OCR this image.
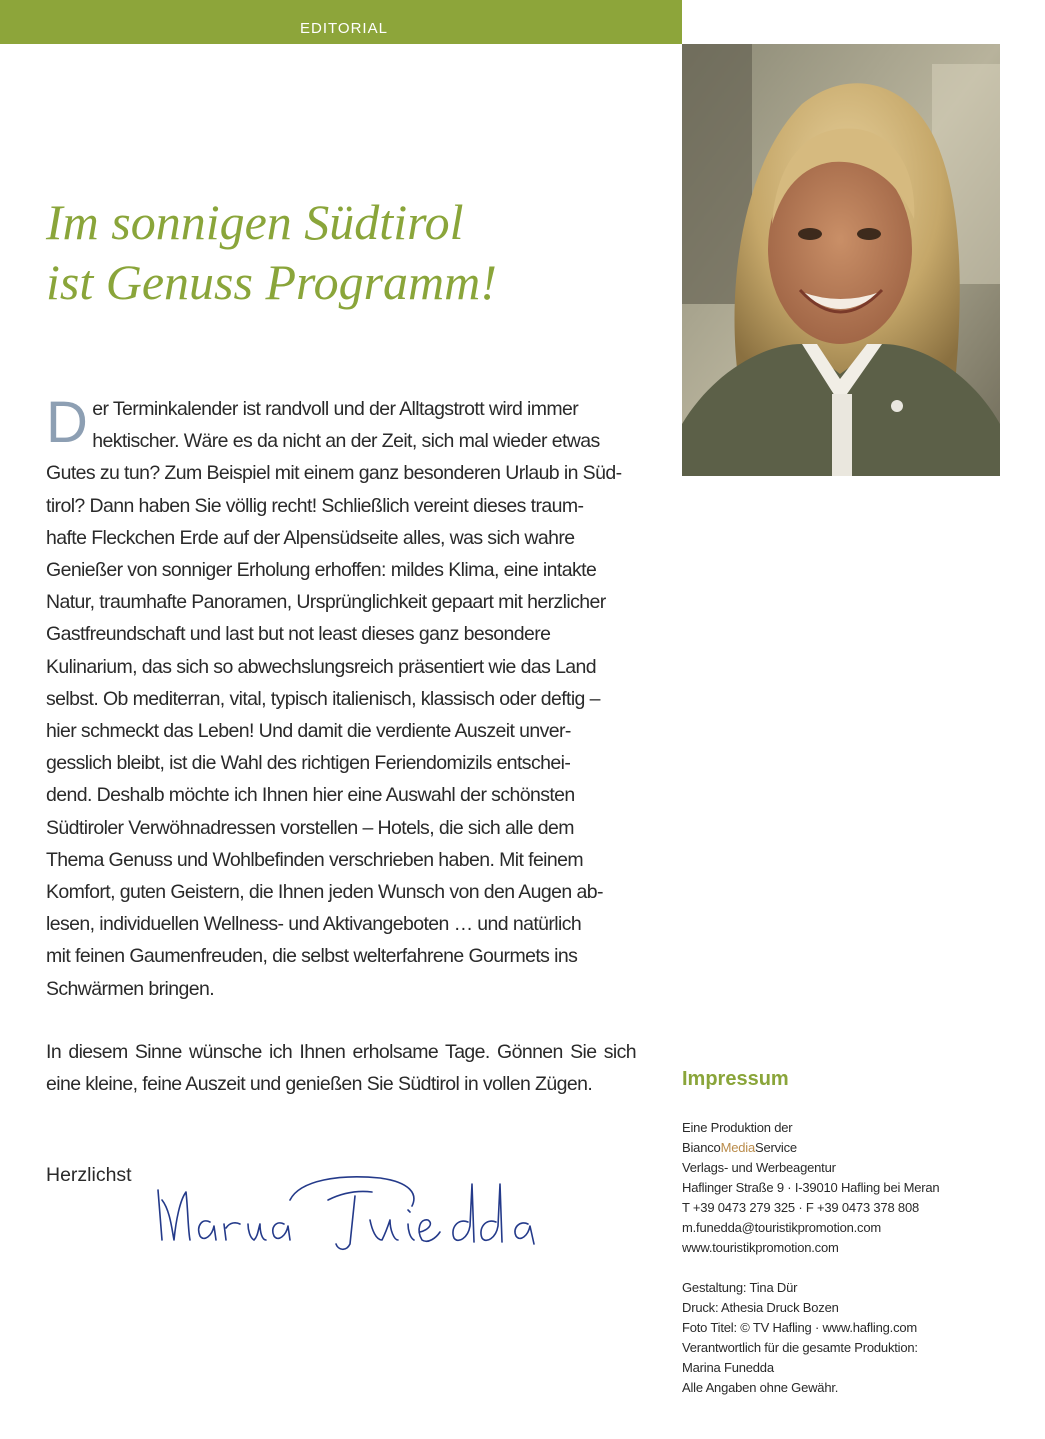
EDITORIAL
Im sonnigen Südtirol
ist Genuss Programm!
D er Terminkalender ist randvoll und der Alltagstrott wird immer

hektischer. Wäre es da nicht an der Zeit, sich mal wieder etwas

Gutes zu tun? Zum Beispiel mit einem ganz besonderen Urlaub in Süd-

tirol? Dann haben Sie völlig recht! Schließlich vereint dieses traum-

hafte Fleckchen Erde auf der Alpensüdseite alles, was sich wahre

Genießer von sonniger Erholung erhoffen: mildes Klima, eine intakte

Natur, traumhafte Panoramen, Ursprünglichkeit gepaart mit herzlicher

Gastfreundschaft und last but not least dieses ganz besondere

Kulinarium, das sich so abwechslungsreich präsentiert wie das Land

selbst. Ob mediterran, vital, typisch italienisch, klassisch oder deftig –

hier schmeckt das Leben! Und damit die verdiente Auszeit unver-

gesslich bleibt, ist die Wahl des richtigen Feriendomizils entschei-

dend. Deshalb möchte ich Ihnen hier eine Auswahl der schönsten

Südtiroler Verwöhnadressen vorstellen – Hotels, die sich alle dem

Thema Genuss und Wohlbefinden verschrieben haben. Mit feinem

Komfort, guten Geistern, die Ihnen jeden Wunsch von den Augen ab-

lesen, individuellen Wellness- und Aktivangeboten … und natürlich

mit feinen Gaumenfreuden, die selbst welterfahrene Gourmets ins

Schwärmen bringen.

In diesem Sinne wünsche ich Ihnen erholsame Tage. Gönnen Sie sich eine kleine, feine Auszeit und genießen Sie Südtirol in vollen Zügen.

Herzlichst
Impressum
Eine Produktion der
BiancoMediaService
Verlags- und Werbeagentur
Haflinger Straße 9 · I-39010 Hafling bei Meran
T +39 0473 279 325 · F +39 0473 378 808
m.funedda@touristikpromotion.com
www.touristikpromotion.com
Gestaltung: Tina Dür
Druck: Athesia Druck Bozen
Foto Titel: © TV Hafling · www.hafling.com
Verantwortlich für die gesamte Produktion:
Marina Funedda
Alle Angaben ohne Gewähr.
